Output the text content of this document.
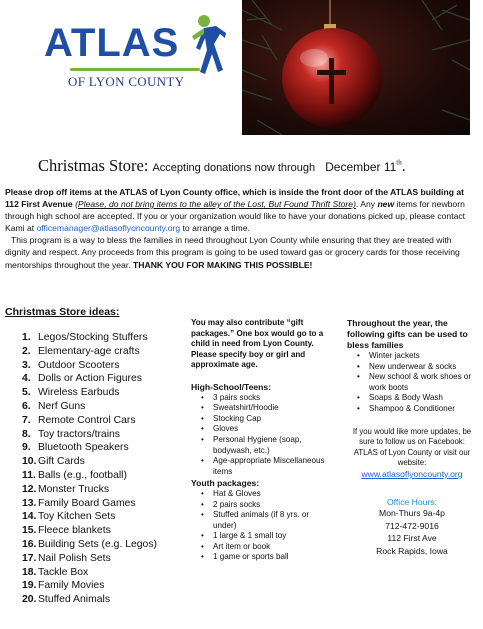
ATLAS
OF LYON COUNTY
Christmas Store: Accepting donations now through December 11th.

Please drop off items at the ATLAS of Lyon County office, which is inside the front door of the ATLAS building at 112 First Avenue (Please, do not bring items to the alley of the Lost, But Found Thrift Store). Any new items for newborn through high school are accepted. If you or your organization would like to have your donations picked up, please contact Kami at officemanager@atlasoflyoncounty.org to arrange a time.

This program is a way to bless the families in need throughout Lyon County while ensuring that they are treated with dignity and respect. Any proceeds from this program is going to be used toward gas or grocery cards for those receiving mentorships throughout the year. THANK YOU FOR MAKING THIS POSSIBLE!

Christmas Store ideas:
1. Legos/Stocking Stuffers
2. Elementary-age crafts
3. Outdoor Scooters
4. Dolls or Action Figures
5. Wireless Earbuds
6. Nerf Guns
7. Remote Control Cars
8. Toy tractors/trains
9. Bluetooth Speakers
10. Gift Cards
11. Balls (e.g., football)
12. Monster Trucks
13. Family Board Games
14. Toy Kitchen Sets
15. Fleece blankets
16. Building Sets (e.g. Legos)
17. Nail Polish Sets
18. Tackle Box
19. Family Movies
20. Stuffed Animals
You may also contribute “gift packages.” One box would go to a child in need from Lyon County. Please specify boy or girl and approximate age.
High-School/Teens:
• 3 pairs socks
• Sweatshirt/Hoodie
• Stocking Cap
• Gloves
• Personal Hygiene (soap, bodywash, etc.)
• Age-appropriate Miscellaneous items
Youth packages:
• Hat & Gloves
• 2 pairs socks
• Stuffed animals (if 8 yrs. or under)
• 1 large & 1 small toy
• Art item or book
• 1 game or sports ball
Throughout the year, the following gifts can be used to bless families
• Winter jackets
• New underwear & socks
• New school & work shoes or work boots
• Soaps & Body Wash
• Shampoo & Conditioner
If you would like more updates, be sure to follow us on Facebook: ATLAS of Lyon County or visit our website:
www.atlasoflyoncounty.org
Office Hours:
Mon-Thurs 9a-4p
712-472-9016
112 First Ave
Rock Rapids, Iowa
